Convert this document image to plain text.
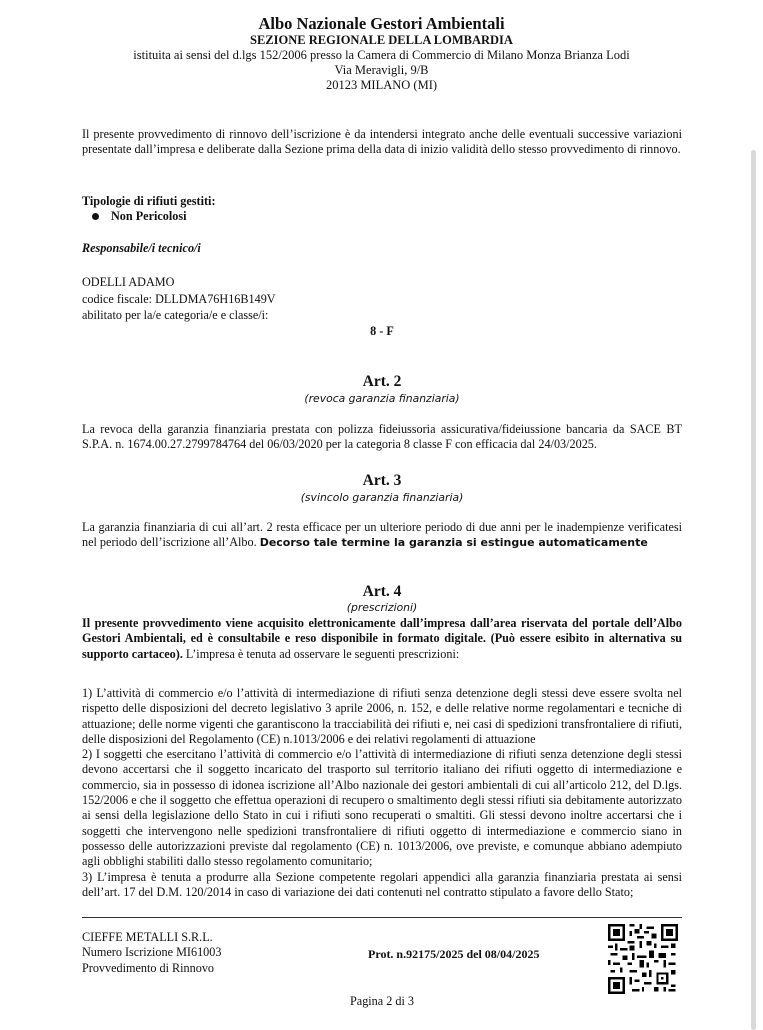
Albo Nazionale Gestori Ambientali
SEZIONE REGIONALE DELLA LOMBARDIA
istituita ai sensi del d.lgs 152/2006 presso la Camera di Commercio di Milano Monza Brianza Lodi
Via Meravigli, 9/B
20123 MILANO (MI)
Il presente provvedimento di rinnovo dell’iscrizione è da intendersi integrato anche delle eventuali successive variazioni presentate dall’impresa e deliberate dalla Sezione prima della data di inizio validità dello stesso provvedimento di rinnovo.
Tipologie di rifiuti gestiti:
Non Pericolosi
Responsabile/i tecnico/i
ODELLI ADAMO
codice fiscale: DLLDMA76H16B149V
abilitato per la/e categoria/e e classe/i:
8 - F
Art. 2
(revoca garanzia finanziaria)
La revoca della garanzia finanziaria prestata con polizza fideiussoria assicurativa/fideiussione bancaria da SACE BT S.P.A. n. 1674.00.27.2799784764 del 06/03/2020 per la categoria 8 classe F con efficacia dal 24/03/2025.
Art. 3
(svincolo garanzia finanziaria)
La garanzia finanziaria di cui all’art. 2 resta efficace per un ulteriore periodo di due anni per le inadempienze verificatesi nel periodo dell’iscrizione all’Albo. Decorso tale termine la garanzia si estingue automaticamente
Art. 4
(prescrizioni)
Il presente provvedimento viene acquisito elettronicamente dall’impresa dall’area riservata del portale dell’Albo Gestori Ambientali, ed è consultabile e reso disponibile in formato digitale. (Può essere esibito in alternativa su supporto cartaceo). L’impresa è tenuta ad osservare le seguenti prescrizioni:
1) L’attività di commercio e/o l’attività di intermediazione di rifiuti senza detenzione degli stessi deve essere svolta nel rispetto delle disposizioni del decreto legislativo 3 aprile 2006, n. 152, e delle relative norme regolamentari e tecniche di attuazione; delle norme vigenti che garantiscono la tracciabilità dei rifiuti e, nei casi di spedizioni transfrontaliere di rifiuti, delle disposizioni del Regolamento (CE) n.1013/2006 e dei relativi regolamenti di attuazione
2) I soggetti che esercitano l’attività di commercio e/o l’attività di intermediazione di rifiuti senza detenzione degli stessi devono accertarsi che il soggetto incaricato del trasporto sul territorio italiano dei rifiuti oggetto di intermediazione e commercio, sia in possesso di idonea iscrizione all’Albo nazionale dei gestori ambientali di cui all’articolo 212, del D.lgs. 152/2006 e che il soggetto che effettua operazioni di recupero o smaltimento degli stessi rifiuti sia debitamente autorizzato ai sensi della legislazione dello Stato in cui i rifiuti sono recuperati o smaltiti. Gli stessi devono inoltre accertarsi che i soggetti che intervengono nelle spedizioni transfrontaliere di rifiuti oggetto di intermediazione e commercio siano in possesso delle autorizzazioni previste dal regolamento (CE) n. 1013/2006, ove previste, e comunque abbiano adempiuto agli obblighi stabiliti dallo stesso regolamento comunitario;
3) L’impresa è tenuta a produrre alla Sezione competente regolari appendici alla garanzia finanziaria prestata ai sensi dell’art. 17 del D.M. 120/2014 in caso di variazione dei dati contenuti nel contratto stipulato a favore dello Stato;
CIEFFE METALLI S.R.L.
Numero Iscrizione MI61003
Provvedimento di Rinnovo
Prot. n.92175/2025 del 08/04/2025
Pagina 2 di 3
